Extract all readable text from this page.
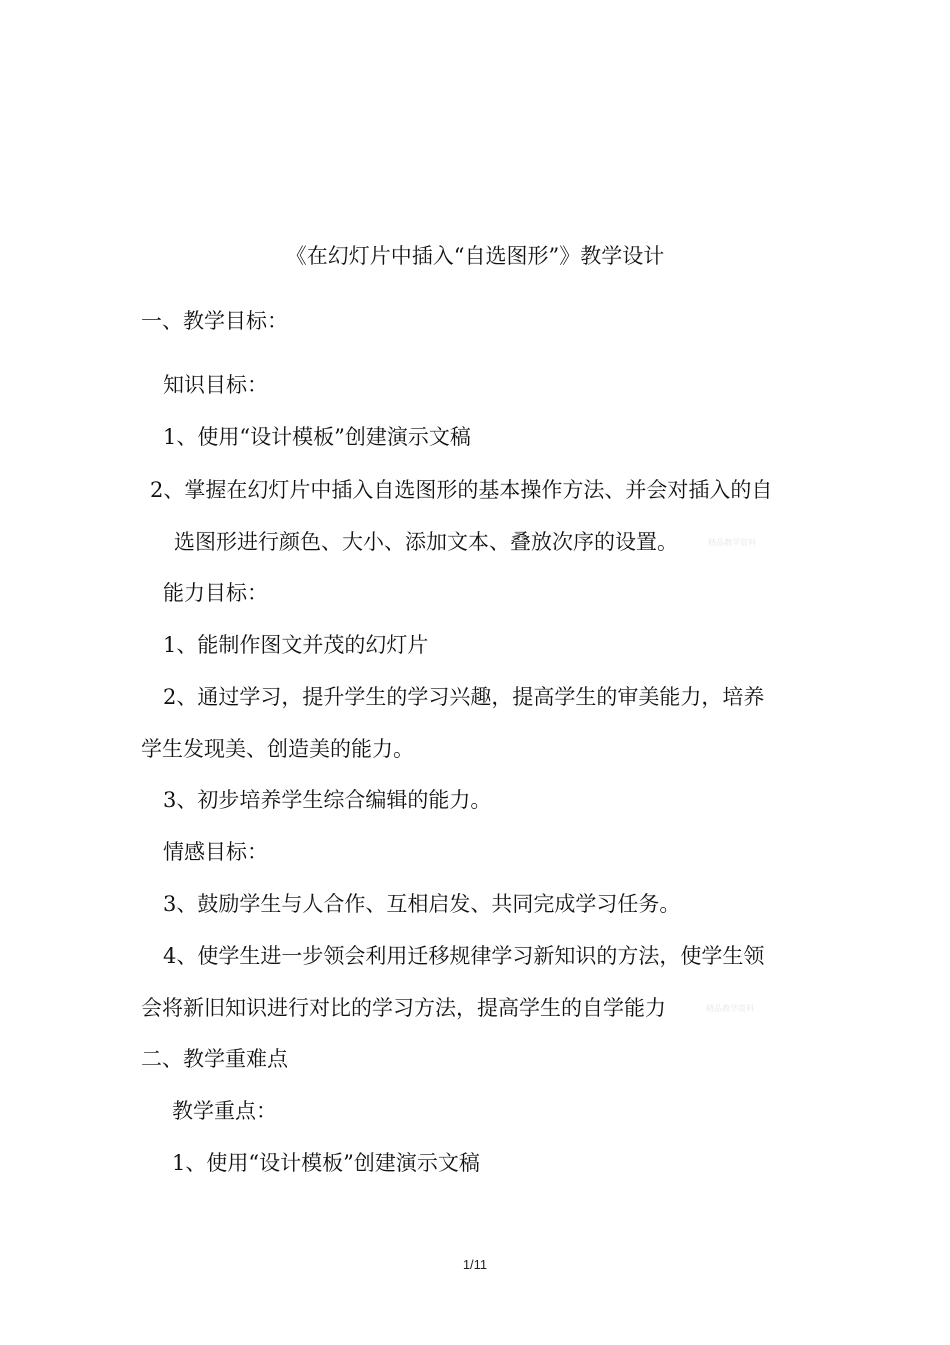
《在幻灯片中插入“自选图形”》教学设计
一、教学目标：
知识目标：
1、使用“设计模板”创建演示文稿
2、掌握在幻灯片中插入自选图形的基本操作方法、并会对插入的自
选图形进行颜色、大小、添加文本、叠放次序的设置。	精品教学资料
能力目标：
1、能制作图文并茂的幻灯片
2、通过学习，提升学生的学习兴趣，提高学生的审美能力，培养
学生发现美、创造美的能力。
3、初步培养学生综合编辑的能力。
情感目标：
3、鼓励学生与人合作、互相启发、共同完成学习任务。
4、使学生进一步领会利用迁移规律学习新知识的方法，使学生领
会将新旧知识进行对比的学习方法，提高学生的自学能力	精品教学资料
二、教学重难点
教学重点：
1、使用“设计模板”创建演示文稿
1/11
